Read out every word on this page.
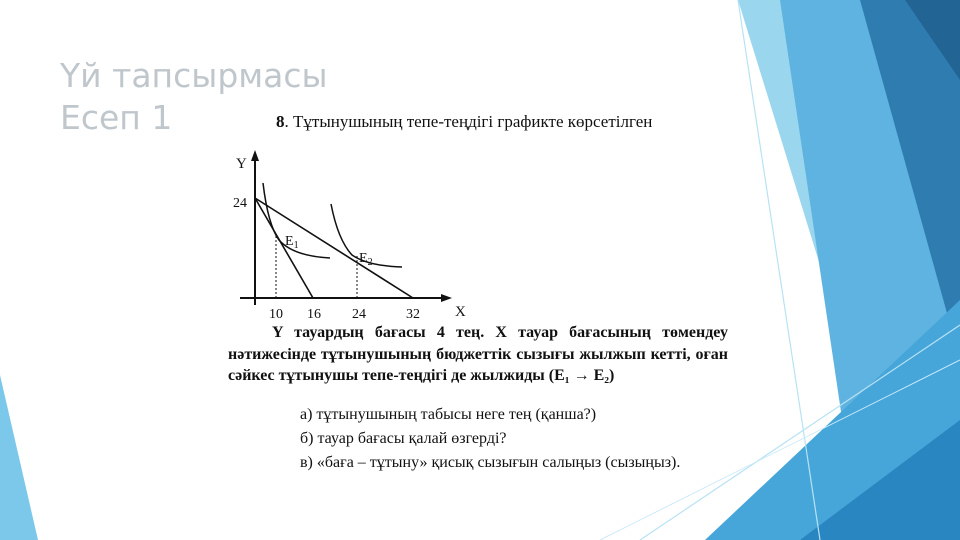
Үй тапсырмасы
Есеп 1	8. Тұтынушының тепе-теңдігі графикте көрсетілген

Y
X
24
10 16 24	32
$E_1$
$E_2$

Y тауардың бағасы 4 тең. X тауар бағасының төмендеу нәтижесінде тұтынушының бюджеттік сызығы жылжып кетті, оған сәйкес тұтынушы тепе-теңдігі де жылжиды (E₁ → E₂)

а) тұтынушының табысы неге тең (қанша?)
б) тауар бағасы қалай өзгерді?
в) «баға – тұтыну» қисық сызығын салыңыз (сызыңыз).
